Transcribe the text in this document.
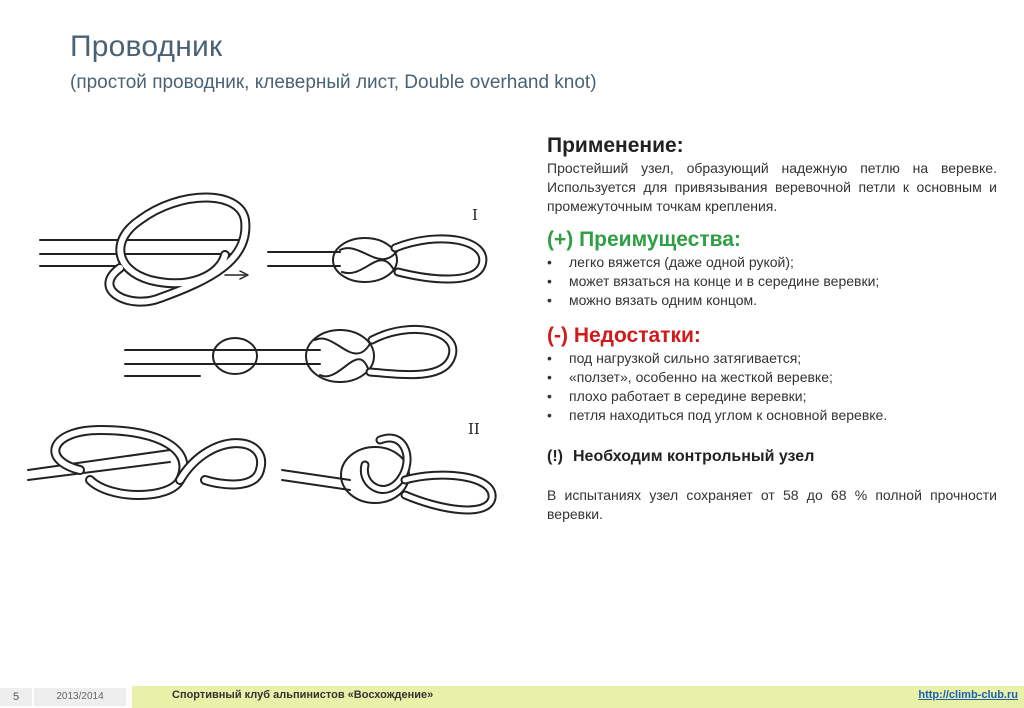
Проводник
(простой проводник, клеверный лист, Double overhand knot)
I
II
Применение:

Простейший узел, образующий надежную петлю на веревке. Используется для привязывания веревочной петли к основным и промежуточным точкам крепления.

(+) Преимущества:
• легко вяжется (даже одной рукой);
• может вязаться на конце и в середине веревки;
• можно вязать одним концом.
(-) Недостатки:
• под нагрузкой сильно затягивается;
• «ползет», особенно на жесткой веревке;
• плохо работает в середине веревки;
• петля находиться под углом к основной веревке.
(!) Необходим контрольный узел

В испытаниях узел сохраняет от 58 до 68 % полной прочности веревки.

5	2013/2014	Спортивный клуб альпинистов «Восхождение»	http://climb-club.ru
